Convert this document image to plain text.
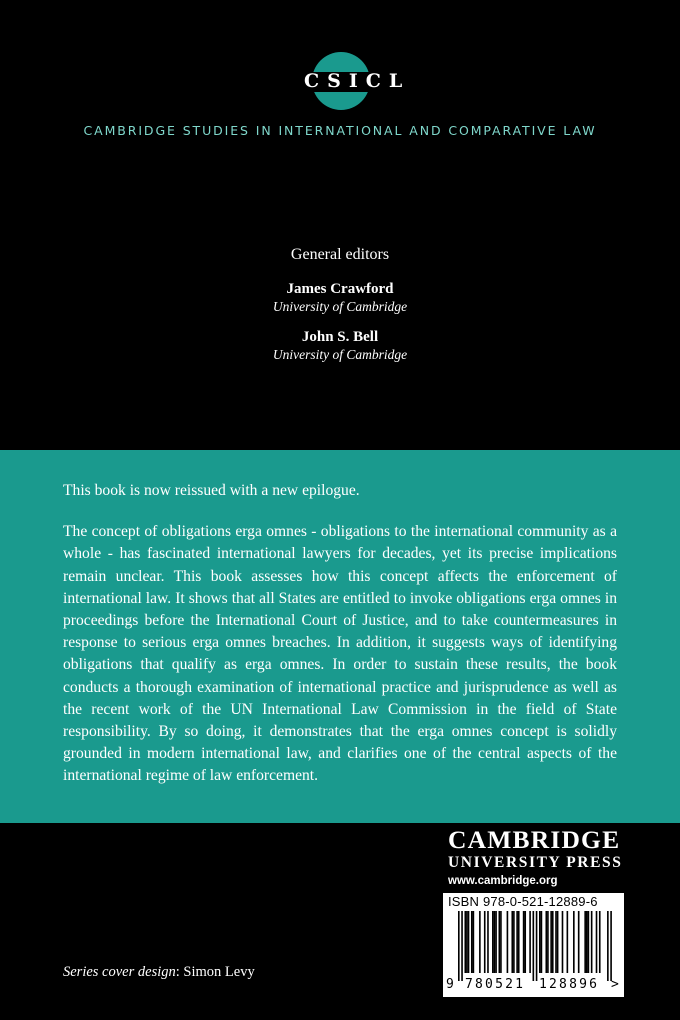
CSICL
CAMBRIDGE STUDIES IN INTERNATIONAL AND COMPARATIVE LAW
General editors
James Crawford
University of Cambridge
John S. Bell
University of Cambridge

This book is now reissued with a new epilogue.

The concept of obligations erga omnes - obligations to the international community as a whole - has fascinated international lawyers for decades, yet its precise implications remain unclear. This book assesses how this concept affects the enforcement of international law. It shows that all States are entitled to invoke obligations erga omnes in proceedings before the International Court of Justice, and to take countermeasures in response to serious erga omnes breaches. In addition, it suggests ways of identifying obligations that qualify as erga omnes. In order to sustain these results, the book conducts a thorough examination of international practice and jurisprudence as well as the recent work of the UN International Law Commission in the field of State responsibility. By so doing, it demonstrates that the erga omnes concept is solidly grounded in modern international law, and clarifies one of the central aspects of the international regime of law enforcement.

CAMBRIDGE
UNIVERSITY PRESS
www.cambridge.org
ISBN 978-0-521-12889-6
9 780521 128896 >
Series cover design: Simon Levy
